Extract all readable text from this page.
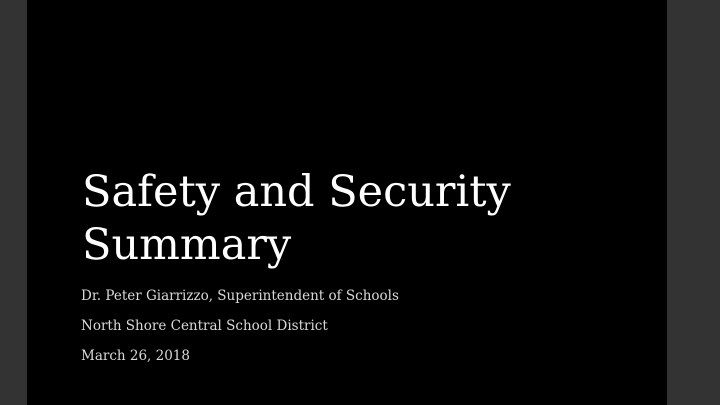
Safety and Security Summary
Dr. Peter Giarrizzo, Superintendent of Schools
North Shore Central School District
March 26, 2018
